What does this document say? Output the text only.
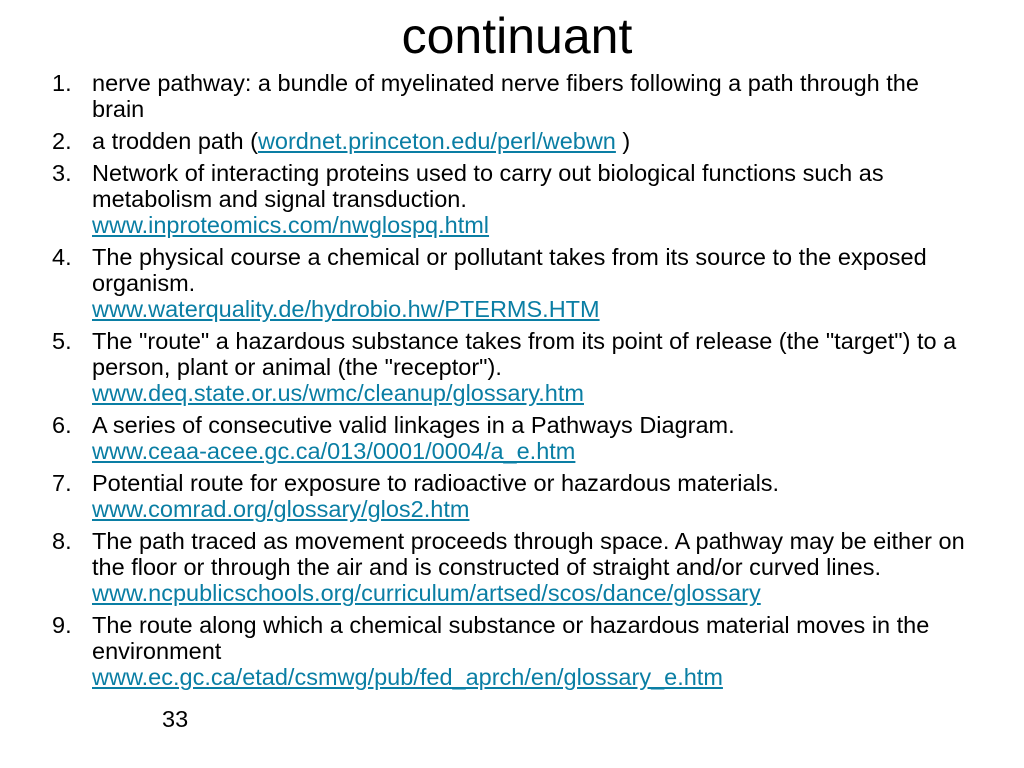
continuant
1. nerve pathway: a bundle of myelinated nerve fibers following a path through the brain
2. a trodden path (wordnet.princeton.edu/perl/webwn )
3. Network of interacting proteins used to carry out biological functions such as metabolism and signal transduction.
www.inproteomics.com/nwglospq.html
4. The physical course a chemical or pollutant takes from its source to the exposed organism.
www.waterquality.de/hydrobio.hw/PTERMS.HTM
5. The "route" a hazardous substance takes from its point of release (the "target") to a person, plant or animal (the "receptor").
www.deq.state.or.us/wmc/cleanup/glossary.htm
6. A series of consecutive valid linkages in a Pathways Diagram.
www.ceaa-acee.gc.ca/013/0001/0004/a_e.htm
7. Potential route for exposure to radioactive or hazardous materials.
www.comrad.org/glossary/glos2.htm
8. The path traced as movement proceeds through space. A pathway may be either on the floor or through the air and is constructed of straight and/or curved lines.
www.ncpublicschools.org/curriculum/artsed/scos/dance/glossary
9. The route along which a chemical substance or hazardous material moves in the environment
www.ec.gc.ca/etad/csmwg/pub/fed_aprch/en/glossary_e.htm
33
